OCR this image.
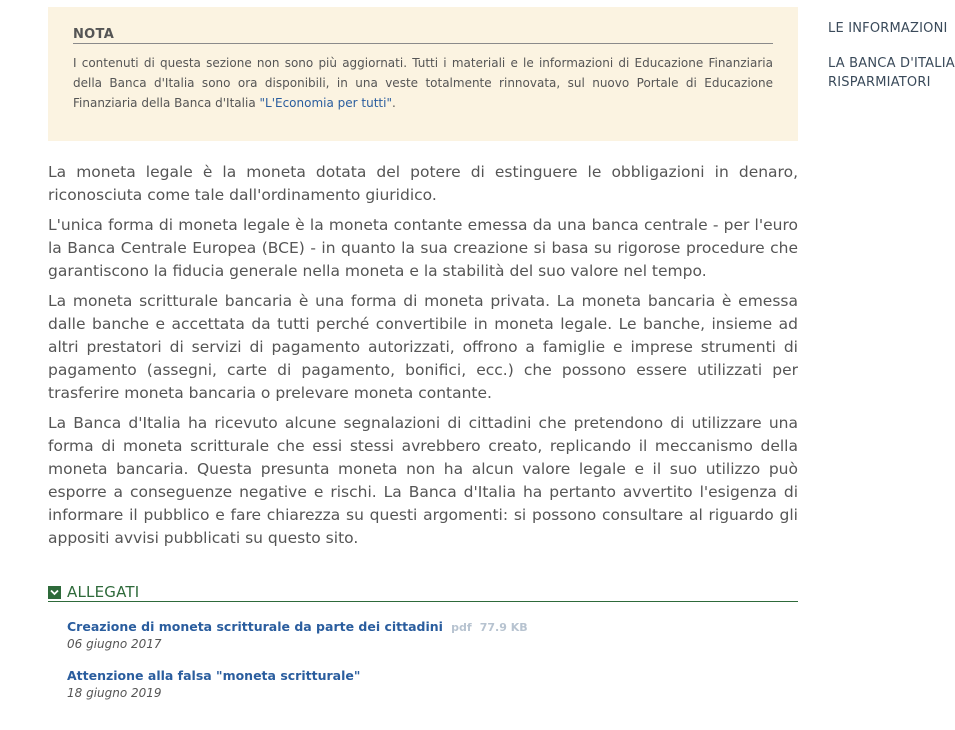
NOTA
I contenuti di questa sezione non sono più aggiornati. Tutti i materiali e le informazioni di Educazione Finanziaria della Banca d'Italia sono ora disponibili, in una veste totalmente rinnovata, sul nuovo Portale di Educazione Finanziaria della Banca d'Italia "L'Economia per tutti".

La moneta legale è la moneta dotata del potere di estinguere le obbligazioni in denaro, riconosciuta come tale dall'ordinamento giuridico.

L'unica forma di moneta legale è la moneta contante emessa da una banca centrale - per l'euro la Banca Centrale Europea (BCE) - in quanto la sua creazione si basa su rigorose procedure che garantiscono la fiducia generale nella moneta e la stabilità del suo valore nel tempo.

La moneta scritturale bancaria è una forma di moneta privata. La moneta bancaria è emessa dalle banche e accettata da tutti perché convertibile in moneta legale. Le banche, insieme ad altri prestatori di servizi di pagamento autorizzati, offrono a famiglie e imprese strumenti di pagamento (assegni, carte di pagamento, bonifici, ecc.) che possono essere utilizzati per trasferire moneta bancaria o prelevare moneta contante.

La Banca d'Italia ha ricevuto alcune segnalazioni di cittadini che pretendono di utilizzare una forma di moneta scritturale che essi stessi avrebbero creato, replicando il meccanismo della moneta bancaria. Questa presunta moneta non ha alcun valore legale e il suo utilizzo può esporre a conseguenze negative e rischi. La Banca d'Italia ha pertanto avvertito l'esigenza di informare il pubblico e fare chiarezza su questi argomenti: si possono consultare al riguardo gli appositi avvisi pubblicati su questo sito.

ALLEGATI
Creazione di moneta scritturale da parte dei cittadini pdf 77.9 KB
06 giugno 2017
Attenzione alla falsa "moneta scritturale"
18 giugno 2019

LE INFORMAZIONI
LA BANCA D'ITALIA
RISPARMIATORI
